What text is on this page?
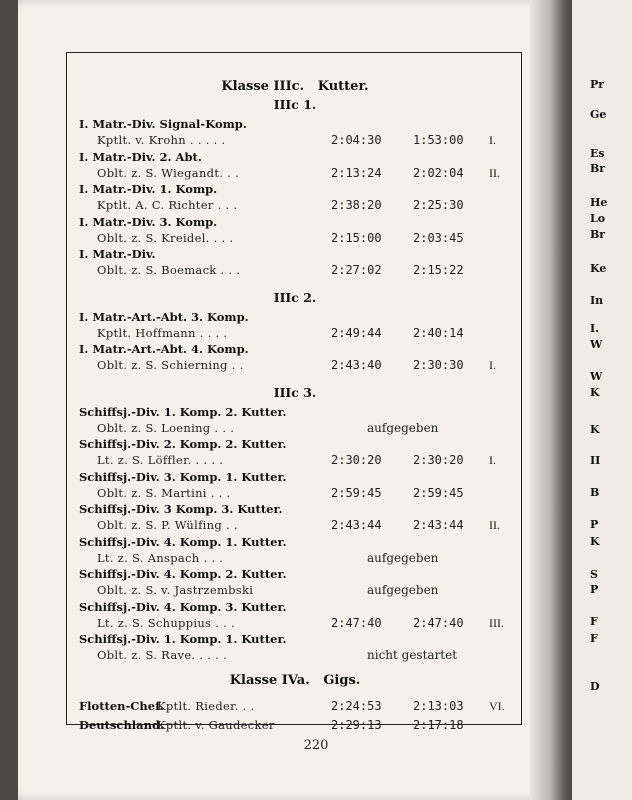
Pr
Ge
Es
Br
He
Lo
Br
Ke
In
I.
W
W
K
K
II
B
P
K
S
P
F
F
D
Klasse IIIc. Kutter.
IIIc 1.
I. Matr.-Div. Signal-Komp.
Kptlt. v. Krohn . . . . .	2:04:30	1:53:00 I.
I. Matr.-Div. 2. Abt.
Oblt. z. S. Wiegandt. . .	2:13:24	2:02:04 II.
I. Matr.-Div. 1. Komp.
Kptlt. A. C. Richter . . .	2:38:20	2:25:30
I. Matr.-Div. 3. Komp.
Oblt. z. S. Kreidel. . . .	2:15:00	2:03:45
I. Matr.-Div.
Oblt. z. S. Boemack . . .	2:27:02	2:15:22
IIIc 2.
I. Matr.-Art.-Abt. 3. Komp.
Kptlt. Hoffmann . . . .	2:49:44	2:40:14
I. Matr.-Art.-Abt. 4. Komp.
Oblt. z. S. Schierning . .	2:43:40	2:30:30 I.
IIIc 3.
Schiffsj.-Div. 1. Komp. 2. Kutter.
Oblt. z. S. Loening . . .	aufgegeben
Schiffsj.-Div. 2. Komp. 2. Kutter.
Lt. z. S. Löffler. . . . .	2:30:20	2:30:20 I.
Schiffsj.-Div. 3. Komp. 1. Kutter.
Oblt. z. S. Martini . . .	2:59:45	2:59:45
Schiffsj.-Div. 3 Komp. 3. Kutter.
Oblt. z. S. P. Wülfing . .	2:43:44	2:43:44 II.
Schiffsj.-Div. 4. Komp. 1. Kutter.
Lt. z. S. Anspach . . .	aufgegeben
Schiffsj.-Div. 4. Komp. 2. Kutter.
Oblt. z. S. v. Jastrzembski	aufgegeben
Schiffsj.-Div. 4. Komp. 3. Kutter.
Lt. z. S. Schuppius . . .	2:47:40	2:47:40 III.
Schiffsj.-Div. 1. Komp. 1. Kutter.
Oblt. z. S. Rave. . . . .	nicht gestartet
Klasse IVa. Gigs.
Flotten-Chef.
Kptlt. Rieder. . .	2:24:53	2:13:03 VI.
Deutschland.
Kptlt. v. Gaudecker	2:29:13	2:17:18
220
